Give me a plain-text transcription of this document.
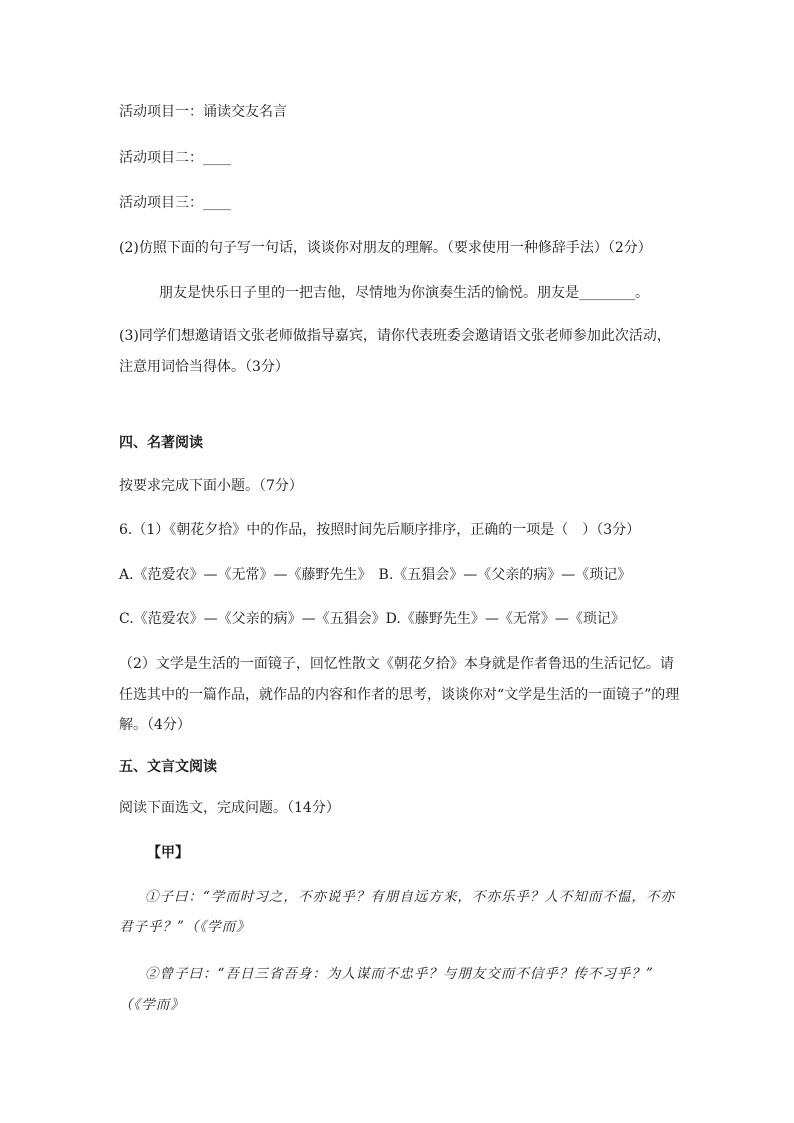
活动项目一：诵读交友名言
活动项目二：____
活动项目三：____
(2)仿照下面的句子写一句话，谈谈你对朋友的理解。（要求使用一种修辞手法）（2分）
朋友是快乐日子里的一把吉他，尽情地为你演奏生活的愉悦。朋友是________。
(3)同学们想邀请语文张老师做指导嘉宾，请你代表班委会邀请语文张老师参加此次活动，
注意用词恰当得体。（3分）
四、名著阅读
按要求完成下面小题。（7分）
6.（1）《朝花夕拾》中的作品，按照时间先后顺序排序，正确的一项是（　）（3分）
A.《范爱农》—《无常》—《藤野先生》　B.《五猖会》—《父亲的病》—《琐记》
C.《范爱农》—《父亲的病》—《五猖会》D.《藤野先生》—《无常》—《琐记》
（2）文学是生活的一面镜子，回忆性散文《朝花夕拾》本身就是作者鲁迅的生活记忆。请
任选其中的一篇作品，就作品的内容和作者的思考，谈谈你对“文学是生活的一面镜子”的理
解。（4分）
五、文言文阅读
阅读下面选文，完成问题。（14分）
【甲】
①子曰：“学而时习之，不亦说乎？有朋自远方来，不亦乐乎？人不知而不愠，不亦
君子乎？”（《学而》
②曾子曰：“吾日三省吾身：为人谋而不忠乎？与朋友交而不信乎？传不习乎？”
（《学而》
